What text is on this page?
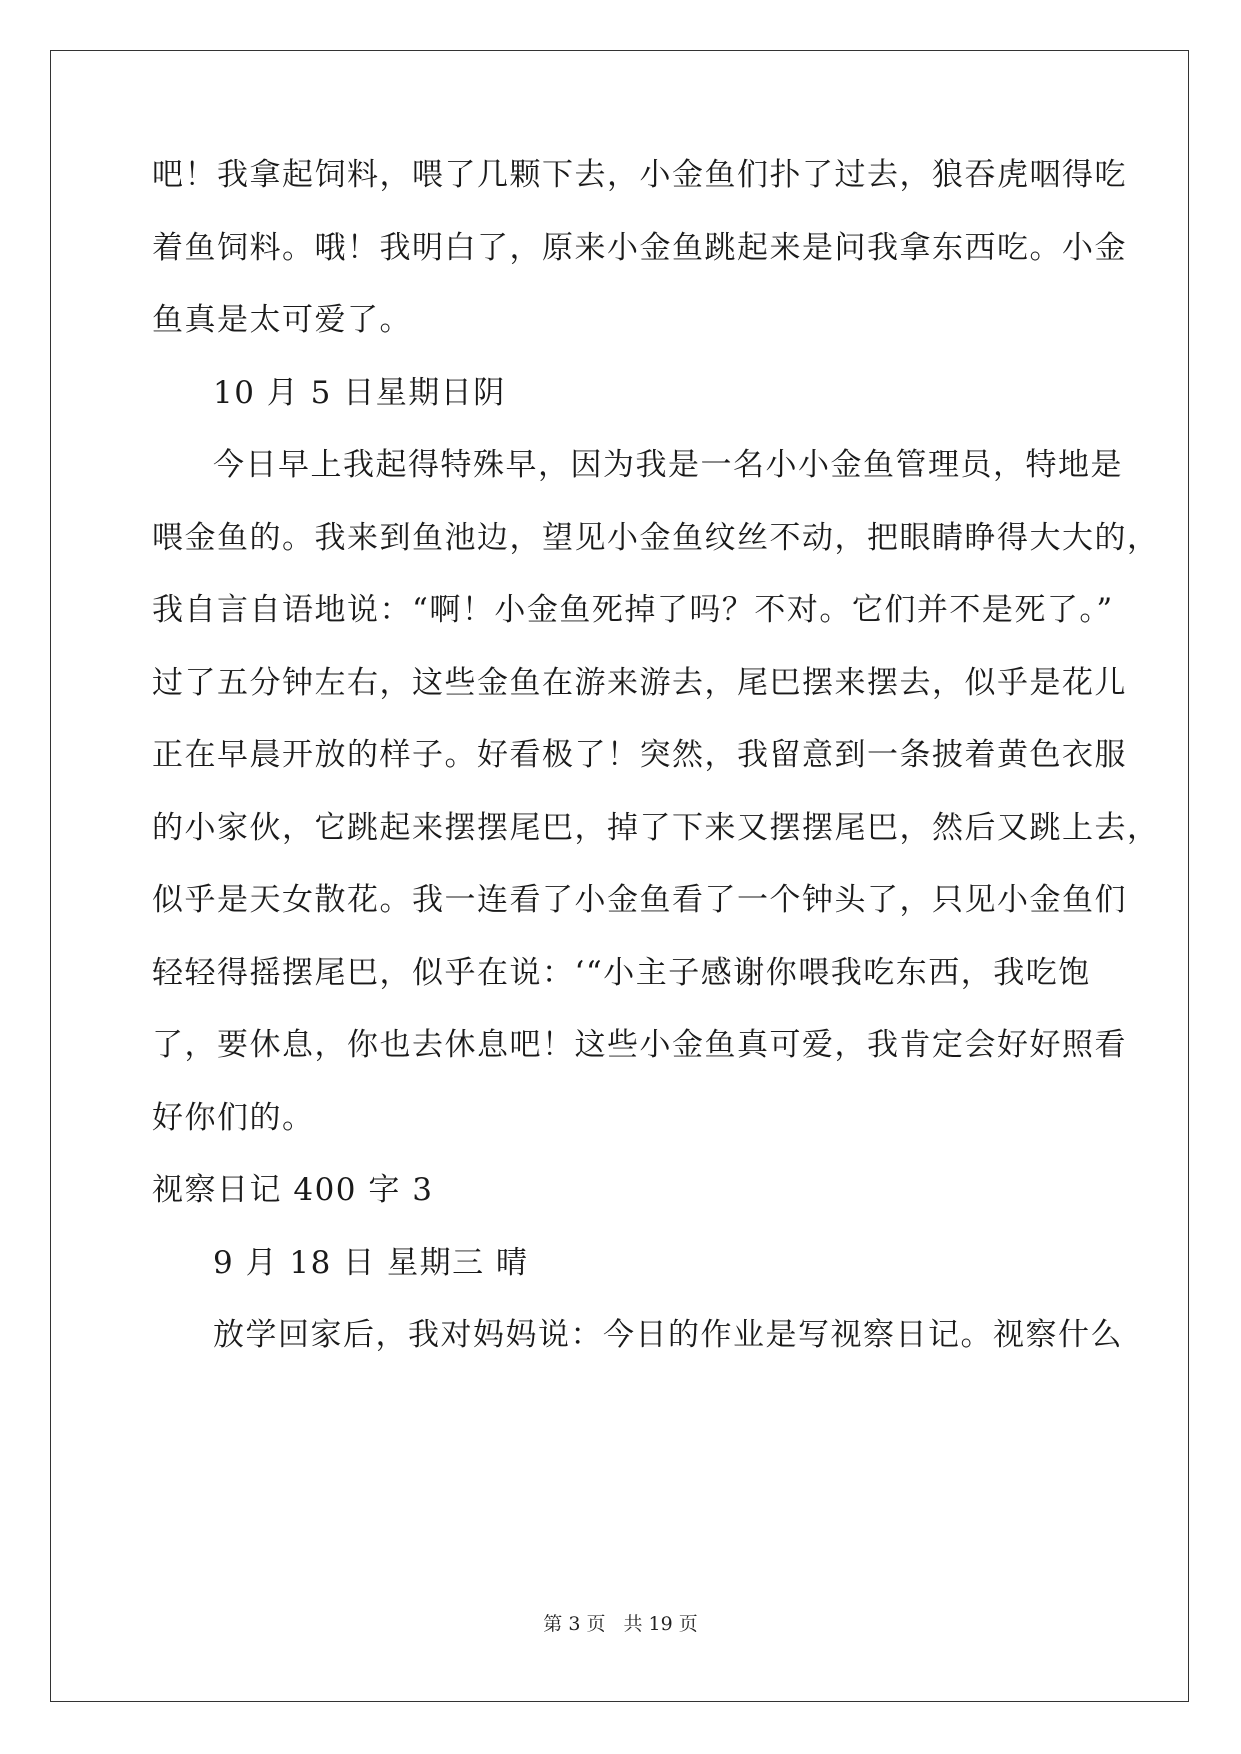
吧！我拿起饲料，喂了几颗下去，小金鱼们扑了过去，狼吞虎咽得吃
着鱼饲料。哦！我明白了，原来小金鱼跳起来是问我拿东西吃。小金
鱼真是太可爱了。
10 月 5 日星期日阴
今日早上我起得特殊早，因为我是一名小小金鱼管理员，特地是
喂金鱼的。我来到鱼池边，望见小金鱼纹丝不动，把眼睛睁得大大的，
我自言自语地说：“啊！小金鱼死掉了吗？不对。它们并不是死了。”
过了五分钟左右，这些金鱼在游来游去，尾巴摆来摆去，似乎是花儿
正在早晨开放的样子。好看极了！突然，我留意到一条披着黄色衣服
的小家伙，它跳起来摆摆尾巴，掉了下来又摆摆尾巴，然后又跳上去，
似乎是天女散花。我一连看了小金鱼看了一个钟头了，只见小金鱼们
轻轻得摇摆尾巴，似乎在说：‘“小主子感谢你喂我吃东西，我吃饱
了，要休息，你也去休息吧！这些小金鱼真可爱，我肯定会好好照看
好你们的。
视察日记 400 字 3
9 月 18 日 星期三 晴
放学回家后，我对妈妈说：今日的作业是写视察日记。视察什么
第 3 页 共 19 页
